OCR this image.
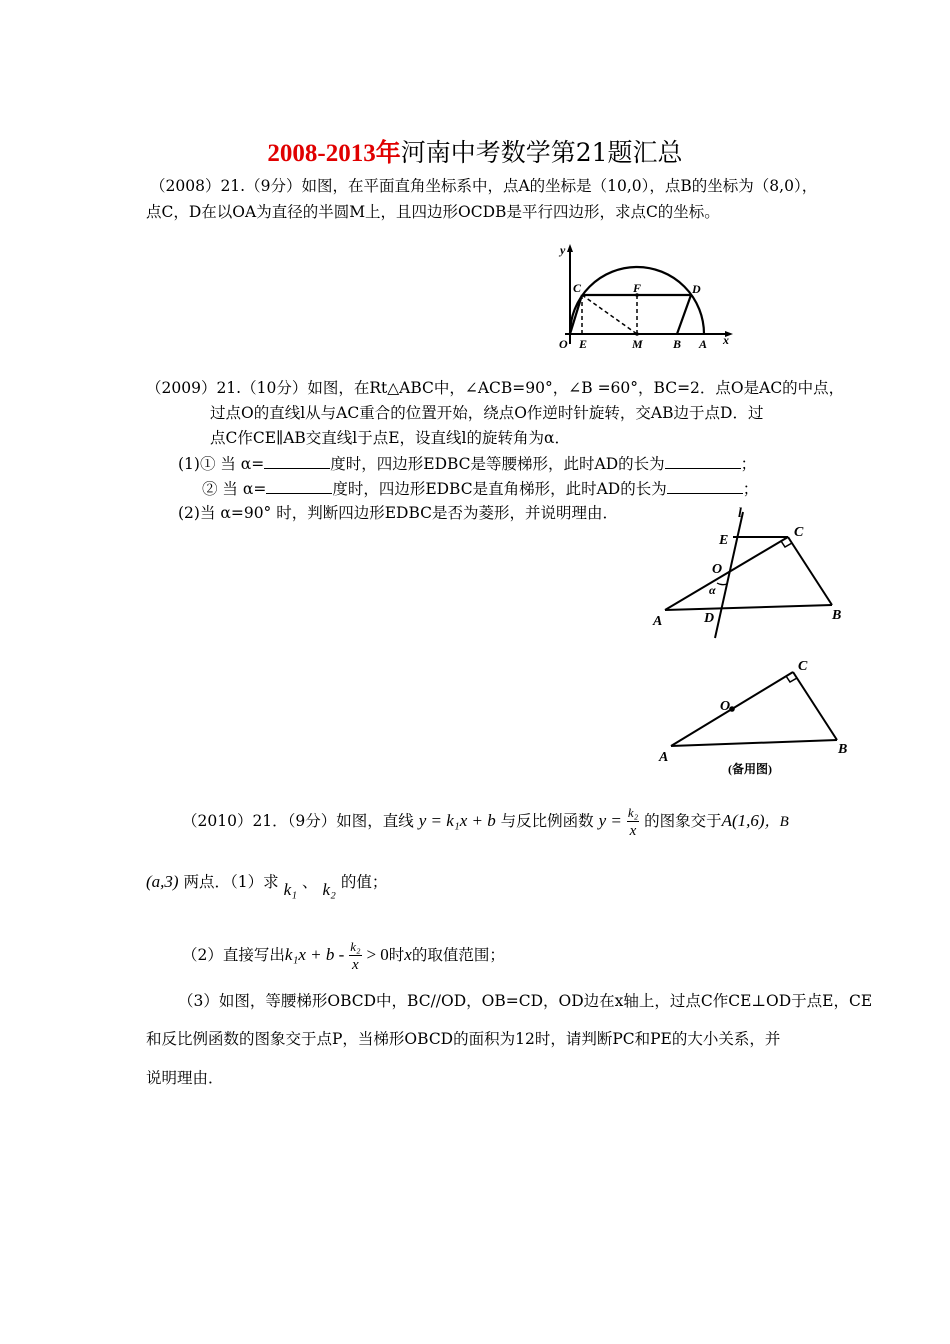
2008-2013年河南中考数学第21题汇总
（2008）21.（9分）如图，在平面直角坐标系中，点A的坐标是（10,0），点B的坐标为（8,0），
点C，D在以OA为直径的半圆M上，且四边形OCDB是平行四边形，求点C的坐标。
y
x
C	F	D
O E	M	B A
（2009）21.（10分）如图，在Rt△ABC中，∠ACB=90°，∠B =60°，BC=2．点O是AC的中点，
过点O的直线l从与AC重合的位置开始，绕点O作逆时针旋转，交AB边于点D．过
点C作CE∥AB交直线l于点E，设直线l的旋转角为α．
(1)① 当 α=	度时，四边形EDBC是等腰梯形，此时AD的长为	；
② 当 α=	度时，四边形EDBC是直角梯形，此时AD的长为	；
(2)当 α=90° 时，判断四边形EDBC是否为菱形，并说明理由．	l
C
E
O
α
A	D	B
C
O
A
B
(备用图)
（2010）21．（9分）如图，直线 y = k₁x + b 与反比例函数 $y = \frac{\text{k₂}}{x}$ 的图象交于A(1,6)，B
(a,3) 两点．（1）求 k₁ 、 k₂ 的值；
（2）直接写出$k_1x + b - \frac{\text{k₂}}{x} > 0$时x的取值范围；
（3）如图，等腰梯形OBCD中，BC//OD，OB=CD，OD边在x轴上，过点C作CE⊥OD于点E，CE
和反比例函数的图象交于点P，当梯形OBCD的面积为12时，请判断PC和PE的大小关系，并
说明理由．
